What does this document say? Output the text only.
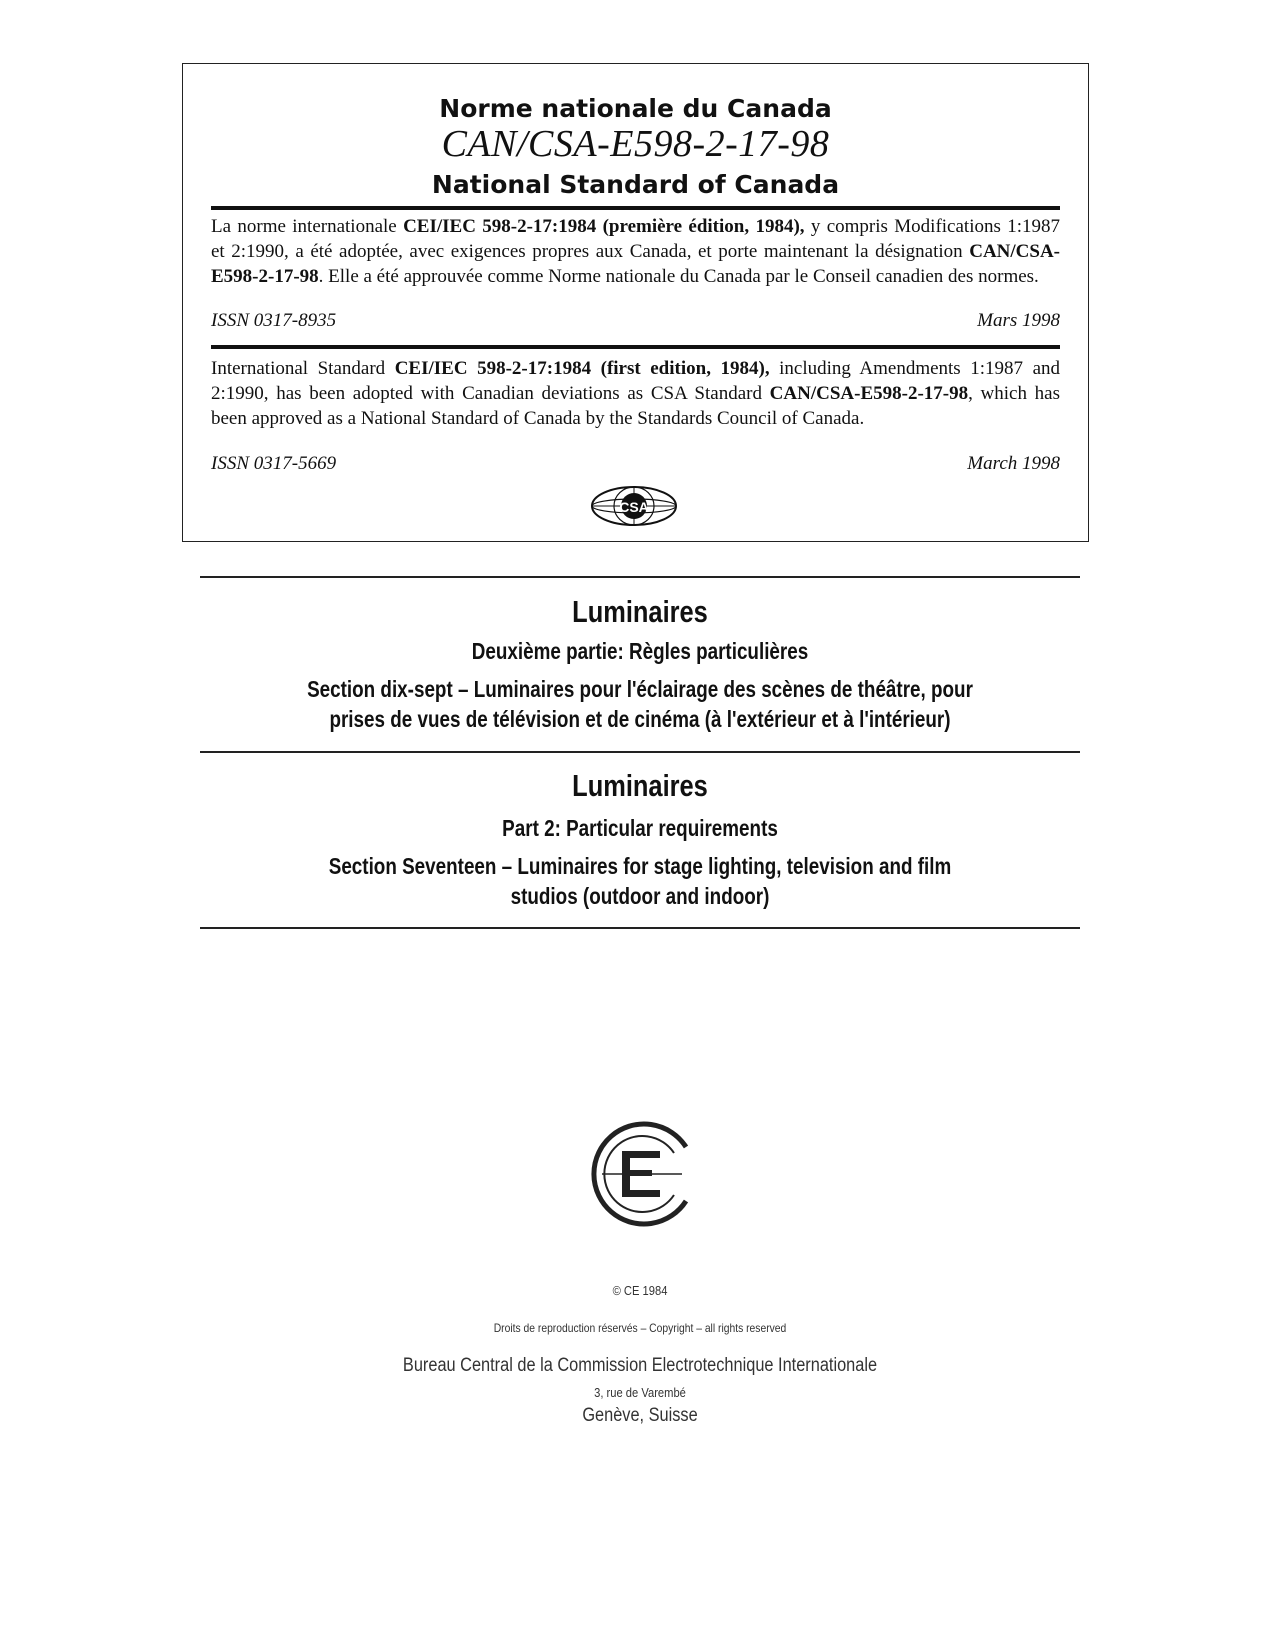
Norme nationale du Canada
CAN/CSA-E598-2-17-98
National Standard of Canada
La norme internationale CEI/IEC 598-2-17:1984 (première édition, 1984), y compris Modifications 1:1987 et 2:1990, a été adoptée, avec exigences propres aux Canada, et porte maintenant la désignation CAN/CSA-E598-2-17-98. Elle a été approuvée comme Norme nationale du Canada par le Conseil canadien des normes.
ISSN 0317-8935	Mars 1998
International Standard CEI/IEC 598-2-17:1984 (first edition, 1984), including Amendments 1:1987 and 2:1990, has been adopted with Canadian deviations as CSA Standard CAN/CSA-E598-2-17-98, which has been approved as a National Standard of Canada by the Standards Council of Canada.
ISSN 0317-5669	March 1998
CSA
Luminaires
Deuxième partie: Règles particulières
Section dix-sept – Luminaires pour l'éclairage des scènes de théâtre, pour
prises de vues de télévision et de cinéma (à l'extérieur et à l'intérieur)
Luminaires
Part 2: Particular requirements
Section Seventeen – Luminaires for stage lighting, television and film
studios (outdoor and indoor)
CE
© CE 1984
Droits de reproduction réservés – Copyright – all rights reserved
Bureau Central de la Commission Electrotechnique Internationale
3, rue de Varembé
Genève, Suisse
